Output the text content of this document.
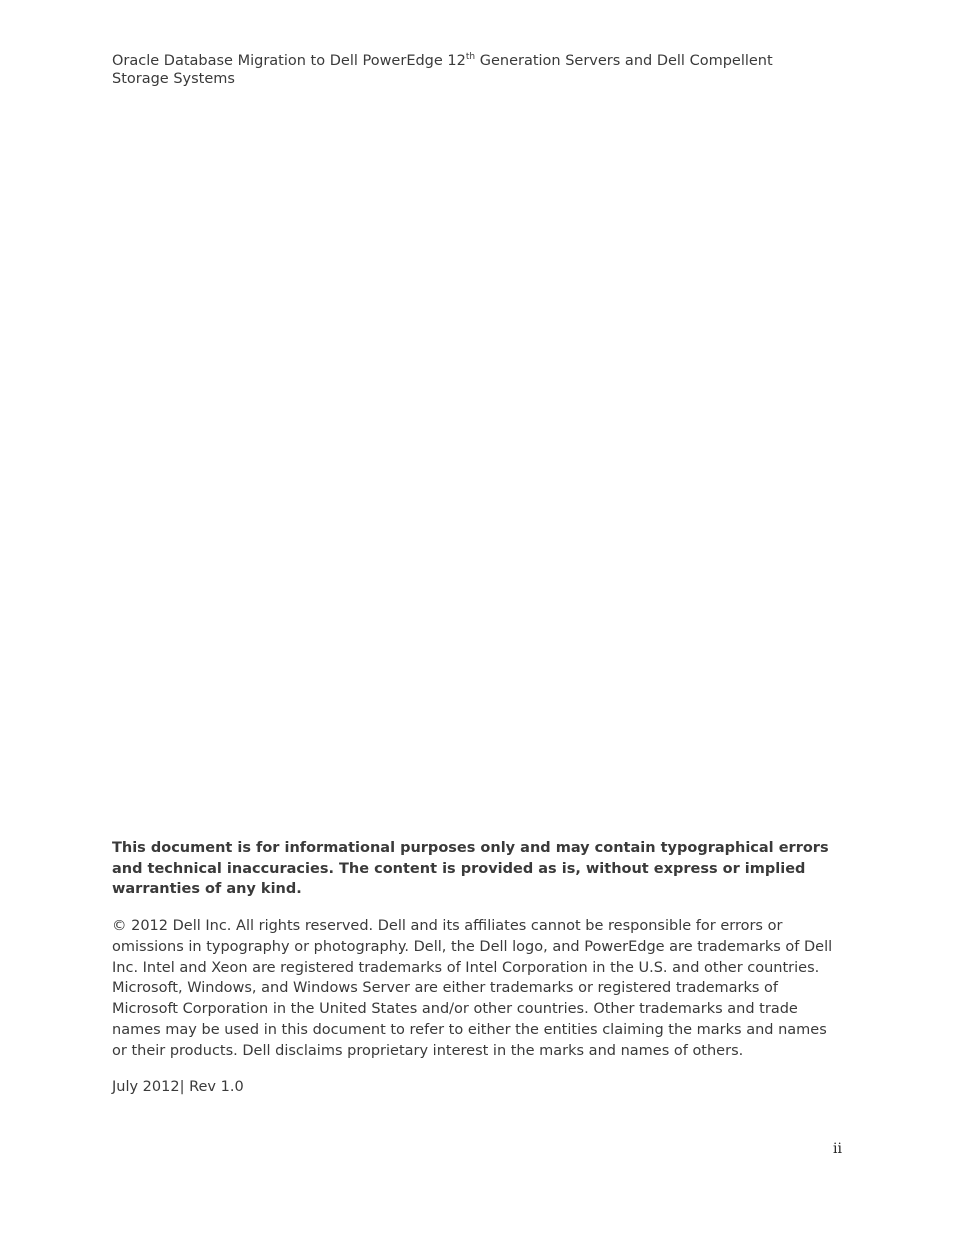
Oracle Database Migration to Dell PowerEdge 12th Generation Servers and Dell Compellent Storage Systems

This document is for informational purposes only and may contain typographical errors and technical inaccuracies. The content is provided as is, without express or implied warranties of any kind.

© 2012 Dell Inc. All rights reserved. Dell and its affiliates cannot be responsible for errors or omissions in typography or photography. Dell, the Dell logo, and PowerEdge are trademarks of Dell Inc. Intel and Xeon are registered trademarks of Intel Corporation in the U.S. and other countries. Microsoft, Windows, and Windows Server are either trademarks or registered trademarks of Microsoft Corporation in the United States and/or other countries. Other trademarks and trade names may be used in this document to refer to either the entities claiming the marks and names or their products. Dell disclaims proprietary interest in the marks and names of others.

July 2012| Rev 1.0

ii
